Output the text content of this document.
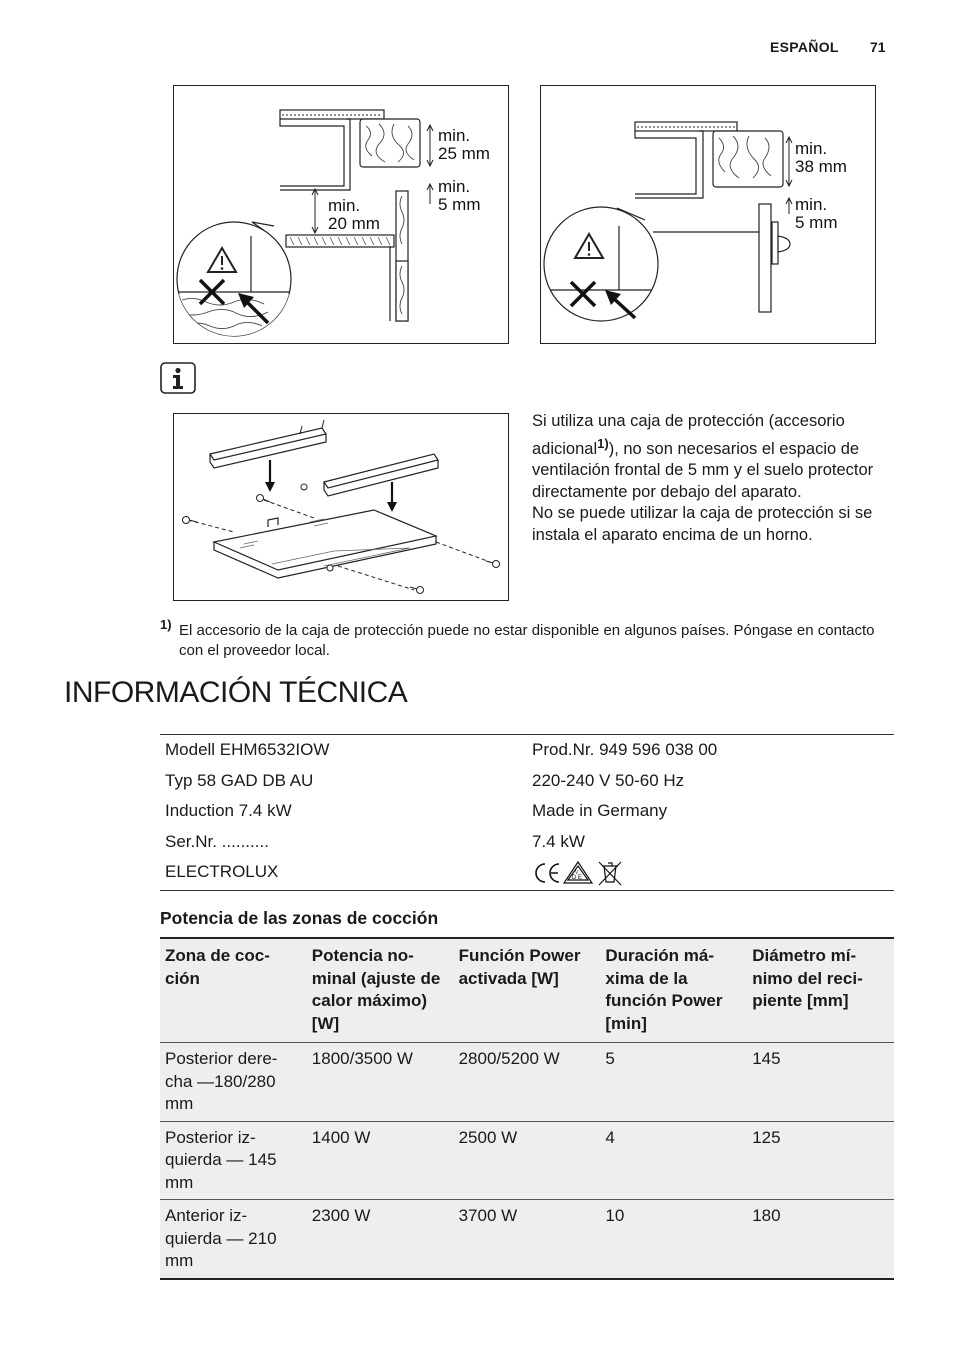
ESPAÑOL 71
min. 25 mm
min. 5 mm
min. 20 mm
min. 38 mm
min. 5 mm
Si utiliza una caja de protección (accesorio adicional$^{1)}$), no son necesarios el espacio de ventilación frontal de 5 mm y el suelo protector directamente por debajo del aparato.
No se puede utilizar la caja de protección si se instala el aparato encima de un horno.
1) El accesorio de la caja de protección puede no estar disponible en algunos países. Póngase en contacto con el proveedor local.
INFORMACIÓN TÉCNICA
Modell EHM6532IOW	Prod.Nr. 949 596 038 00
Typ 58 GAD DB AU	220-240 V 50-60 Hz
Induction 7.4 kW	Made in Germany
Ser.Nr. ..........	7.4 kW
ELECTROLUX	D E
V
Potencia de las zonas de cocción
Zona de cocción	Potencia nominal (ajuste de calor máximo) [W]	Función Power activada [W]	Duración máxima de la función Power [min]	Diámetro mínimo del recipiente [mm]
Posterior derecha —180/280 mm	1800/3500 W	2800/5200 W	5	145
Posterior izquierda — 145 mm	1400 W	2500 W	4	125
Anterior izquierda — 210 mm	2300 W	3700 W	10	180
